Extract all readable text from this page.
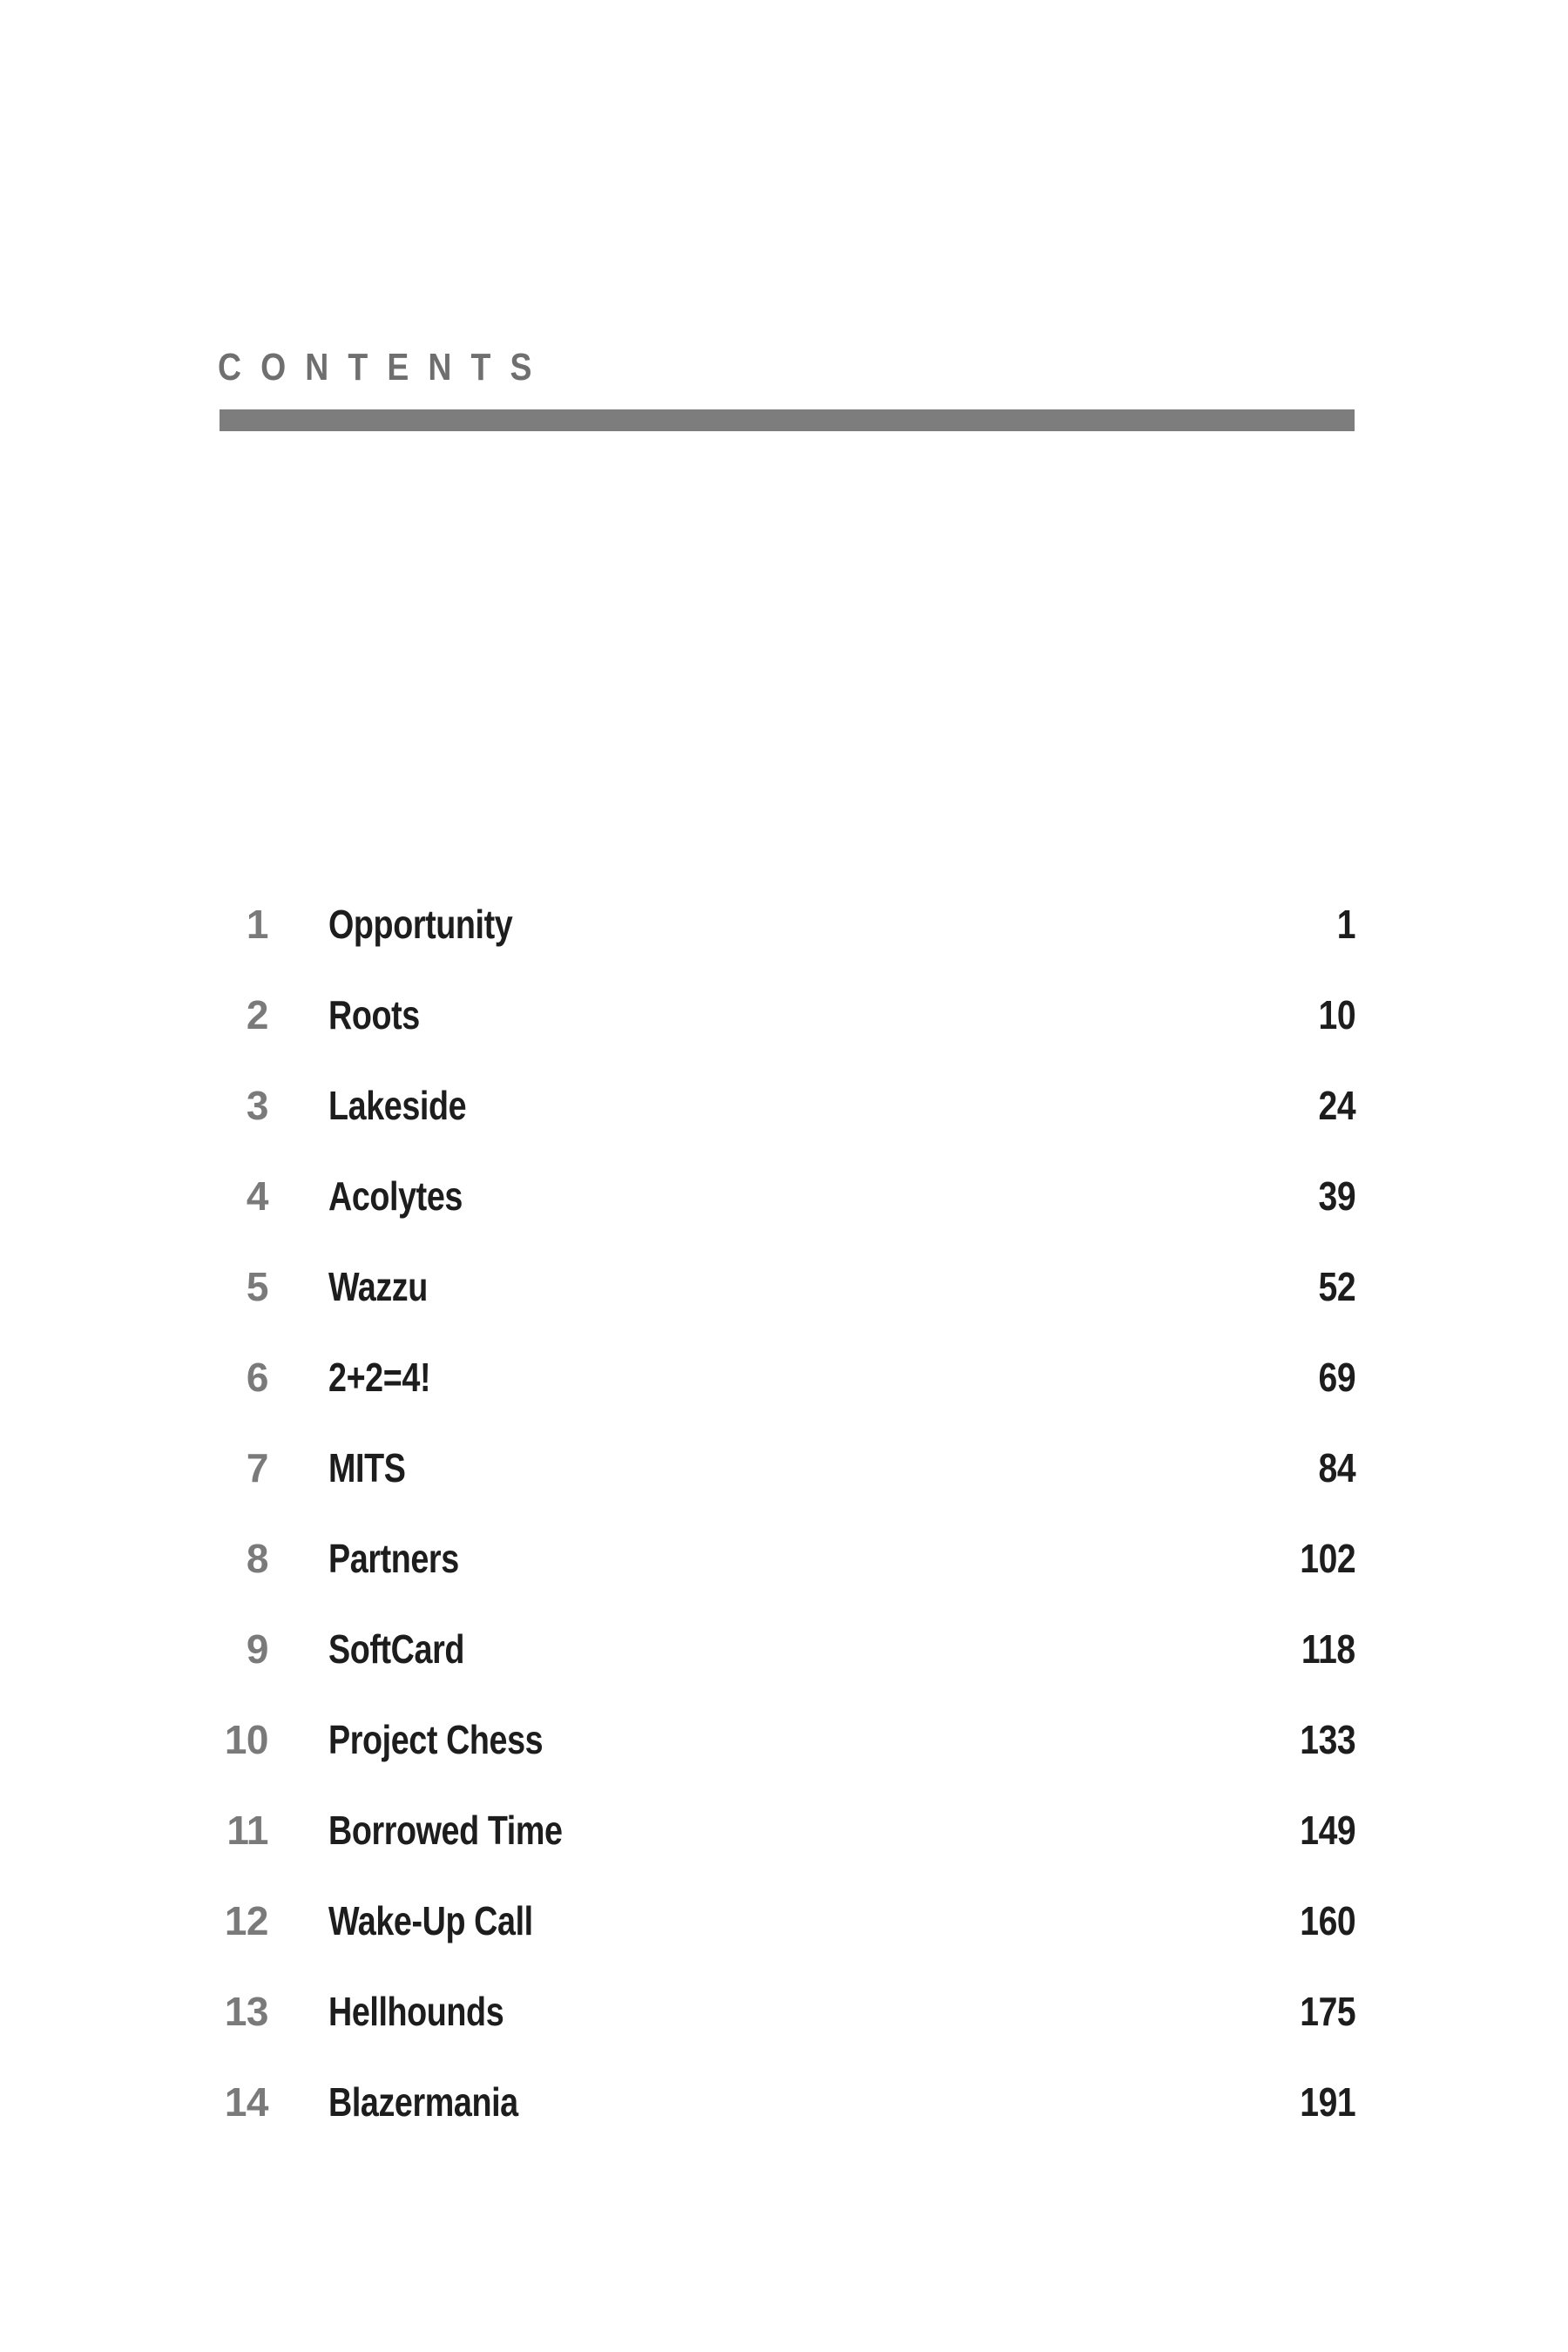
CONTENTS
1 Opportunity	1
2 Roots	10
3 Lakeside	24
4 Acolytes	39
5 Wazzu	52
6 2+2=4!	69
7 MITS	84
8 Partners	102
9 SoftCard	118
10 Project Chess	133
11 Borrowed Time	149
12 Wake-Up Call	160
13 Hellhounds	175
14 Blazermania	191
